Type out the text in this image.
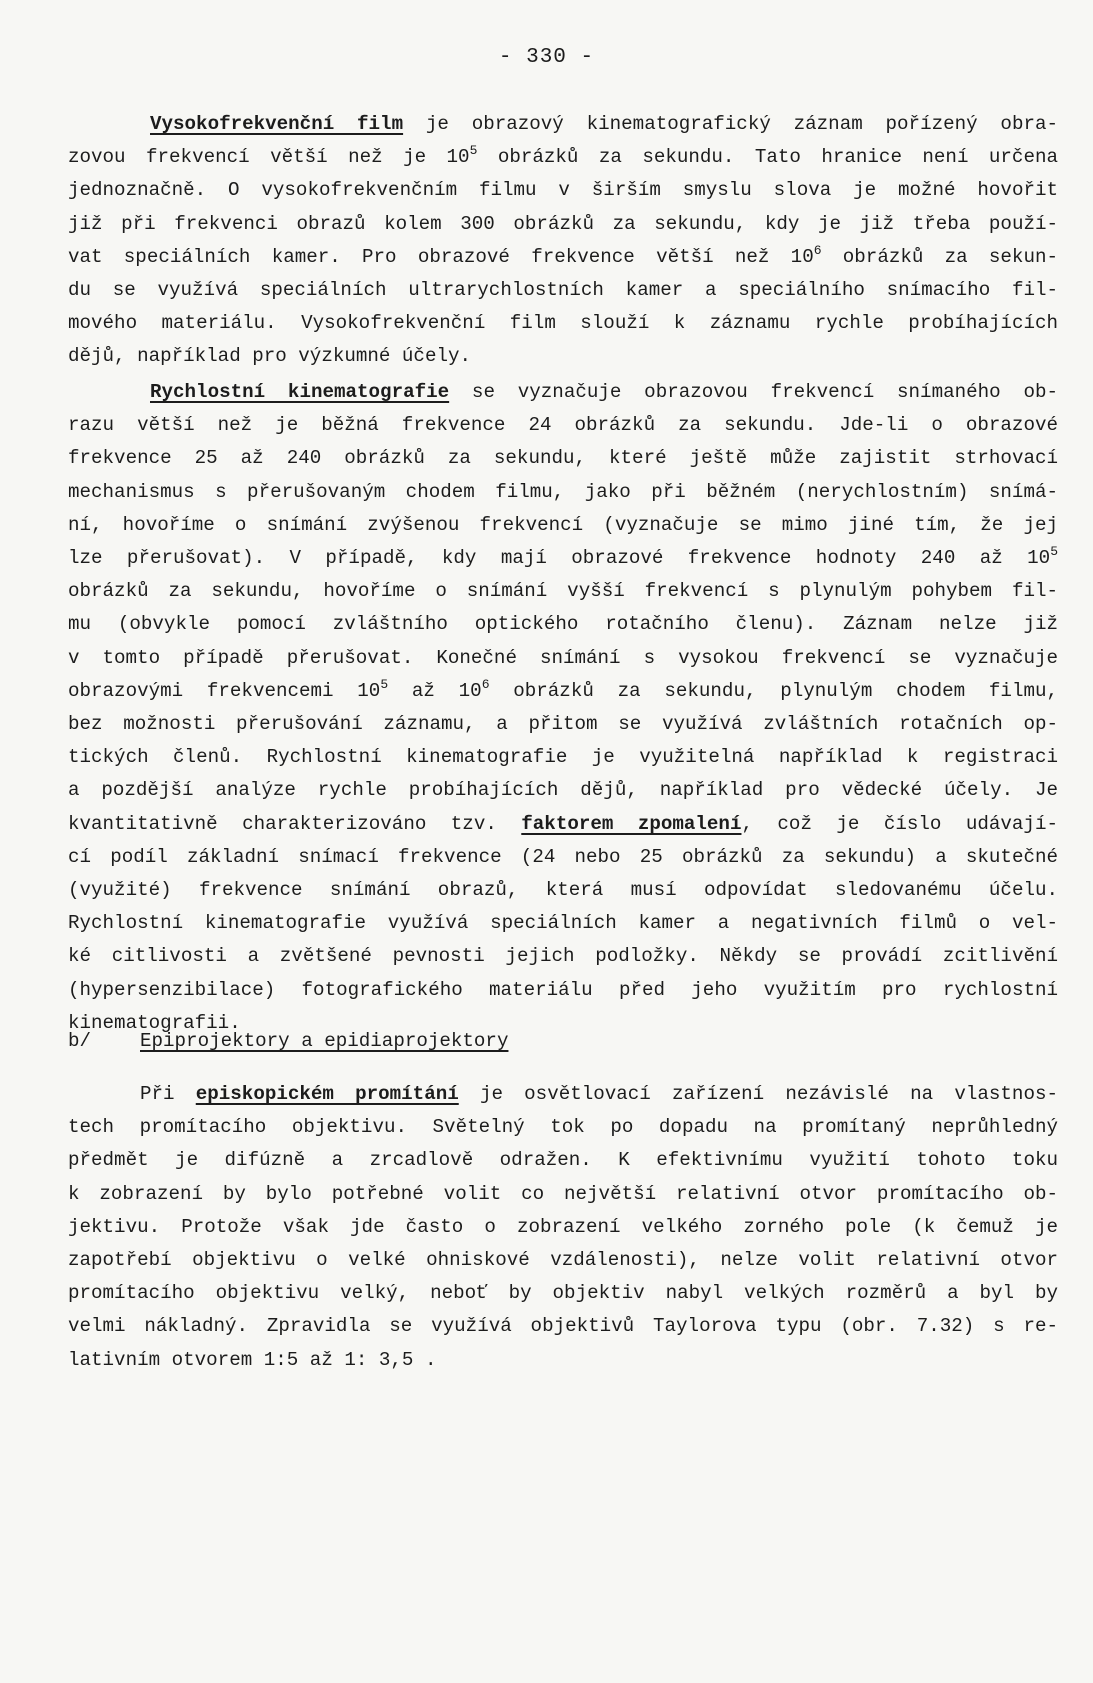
- 330 -
Vysokofrekvenční film je obrazový kinematografický záznam pořízený obra-
zovou frekvencí větší než je $10^5$ obrázků za sekundu. Tato hranice není určena
jednoznačně. O vysokofrekvenčním filmu v širším smyslu slova je možné hovořit
již při frekvenci obrazů kolem 300 obrázků za sekundu, kdy je již třeba použí-
vat speciálních kamer. Pro obrazové frekvence větší než $10^6$ obrázků za sekun-
du se využívá speciálních ultrarychlostních kamer a speciálního snímacího fil-
mového materiálu. Vysokofrekvenční film slouží k záznamu rychle probíhajících
dějů, například pro výzkumné účely.
Rychlostní kinematografie se vyznačuje obrazovou frekvencí snímaného ob-
razu větší než je běžná frekvence 24 obrázků za sekundu. Jde-li o obrazové
frekvence 25 až 240 obrázků za sekundu, které ještě může zajistit strhovací
mechanismus s přerušovaným chodem filmu, jako při běžném (nerychlostním) snímá-
ní, hovoříme o snímání zvýšenou frekvencí (vyznačuje se mimo jiné tím, že jej
lze přerušovat). V případě, kdy mají obrazové frekvence hodnoty 240 až $10^5$
obrázků za sekundu, hovoříme o snímání vyšší frekvencí s plynulým pohybem fil-
mu (obvykle pomocí zvláštního optického rotačního členu). Záznam nelze již
v tomto případě přerušovat. Konečné snímání s vysokou frekvencí se vyznačuje
obrazovými frekvencemi $10^5$ až $10^6$ obrázků za sekundu, plynulým chodem filmu,
bez možnosti přerušování záznamu, a přitom se využívá zvláštních rotačních op-
tických členů. Rychlostní kinematografie je využitelná například k registraci
a pozdější analýze rychle probíhajících dějů, například pro vědecké účely. Je
kvantitativně charakterizováno tzv. faktorem zpomalení, což je číslo udávají-
cí podíl základní snímací frekvence (24 nebo 25 obrázků za sekundu) a skutečné
(využité) frekvence snímání obrazů, která musí odpovídat sledovanému účelu.
Rychlostní kinematografie využívá speciálních kamer a negativních filmů o vel-
ké citlivosti a zvětšené pevnosti jejich podložky. Někdy se provádí zcitlivění
(hypersenzibilace) fotografického materiálu před jeho využitím pro rychlostní
kinematografii.
b/	Epiprojektory a epidiaprojektory
Při episkopickém promítání je osvětlovací zařízení nezávislé na vlastnos-
tech promítacího objektivu. Světelný tok po dopadu na promítaný neprůhledný
předmět je difúzně a zrcadlově odražen. K efektivnímu využití tohoto toku
k zobrazení by bylo potřebné volit co největší relativní otvor promítacího ob-
jektivu. Protože však jde často o zobrazení velkého zorného pole (k čemuž je
zapotřebí objektivu o velké ohniskové vzdálenosti), nelze volit relativní otvor
promítacího objektivu velký, neboť by objektiv nabyl velkých rozměrů a byl by
velmi nákladný. Zpravidla se využívá objektivů Taylorova typu (obr. 7.32) s re-
lativním otvorem 1:5 až 1: 3,5 .
